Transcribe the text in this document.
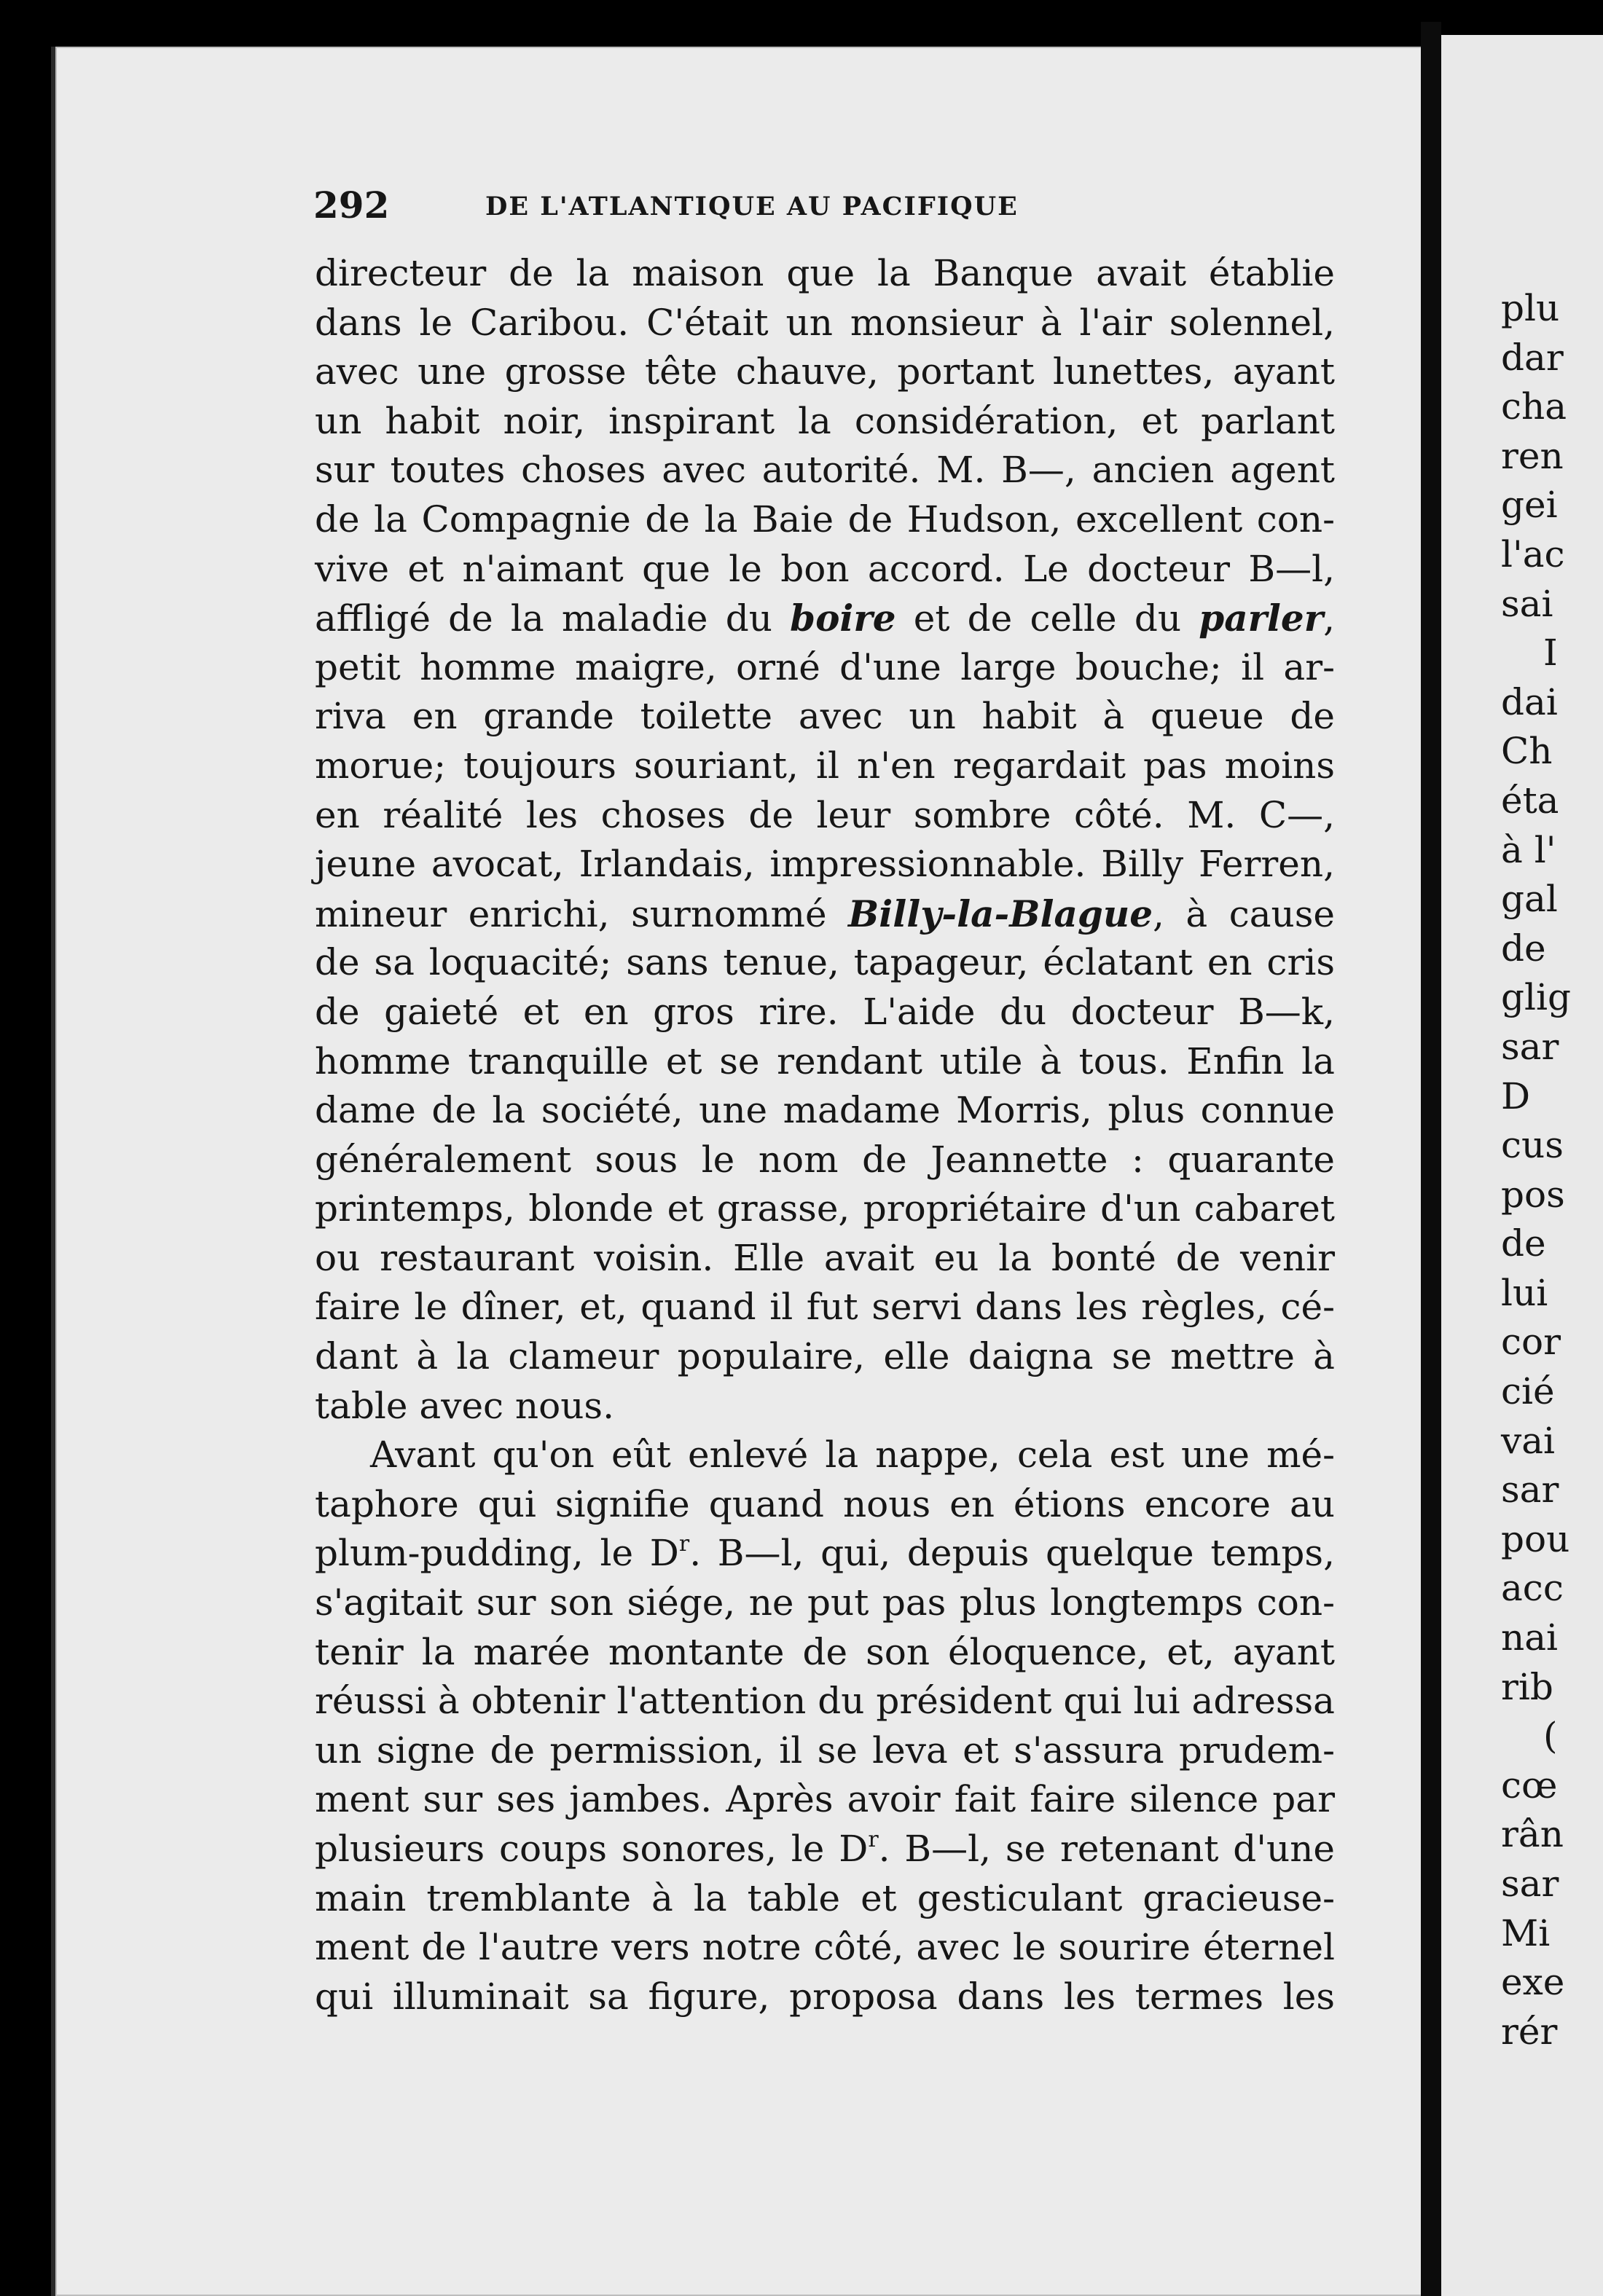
plu
dar
cha
ren
gei
l'ac
sai
I
dai
Ch
éta
à l'
gal
de
glig
sar
D
cus
pos
de
lui
cor
cié
vai
sar
pou
acc
nai
rib
(
cœ
rân
sar
Mi
exe
rér
292	DE L'ATLANTIQUE AU PACIFIQUE
directeur de la maison que la Banque avait établie
dans le Caribou. C'était un monsieur à l'air solennel,
avec une grosse tête chauve, portant lunettes, ayant
un habit noir, inspirant la considération, et parlant
sur toutes choses avec autorité. M. B—, ancien agent
de la Compagnie de la Baie de Hudson, excellent con-
vive et n'aimant que le bon accord. Le docteur B—l,
affligé de la maladie du boire et de celle du parler,
petit homme maigre, orné d'une large bouche; il ar-
riva en grande toilette avec un habit à queue de
morue; toujours souriant, il n'en regardait pas moins
en réalité les choses de leur sombre côté. M. C—,
jeune avocat, Irlandais, impressionnable. Billy Ferren,
mineur enrichi, surnommé Billy-la-Blague, à cause
de sa loquacité; sans tenue, tapageur, éclatant en cris
de gaieté et en gros rire. L'aide du docteur B—k,
homme tranquille et se rendant utile à tous. Enfin la
dame de la société, une madame Morris, plus connue
généralement sous le nom de Jeannette : quarante
printemps, blonde et grasse, propriétaire d'un cabaret
ou restaurant voisin. Elle avait eu la bonté de venir
faire le dîner, et, quand il fut servi dans les règles, cé-
dant à la clameur populaire, elle daigna se mettre à
table avec nous.
Avant qu'on eût enlevé la nappe, cela est une mé-
taphore qui signifie quand nous en étions encore au
plum-pudding, le $D^r$. B—l, qui, depuis quelque temps,
s'agitait sur son siége, ne put pas plus longtemps con-
tenir la marée montante de son éloquence, et, ayant
réussi à obtenir l'attention du président qui lui adressa
un signe de permission, il se leva et s'assura prudem-
ment sur ses jambes. Après avoir fait faire silence par
plusieurs coups sonores, le $D^r$. B—l, se retenant d'une
main tremblante à la table et gesticulant gracieuse-
ment de l'autre vers notre côté, avec le sourire éternel
qui illuminait sa figure, proposa dans les termes les
